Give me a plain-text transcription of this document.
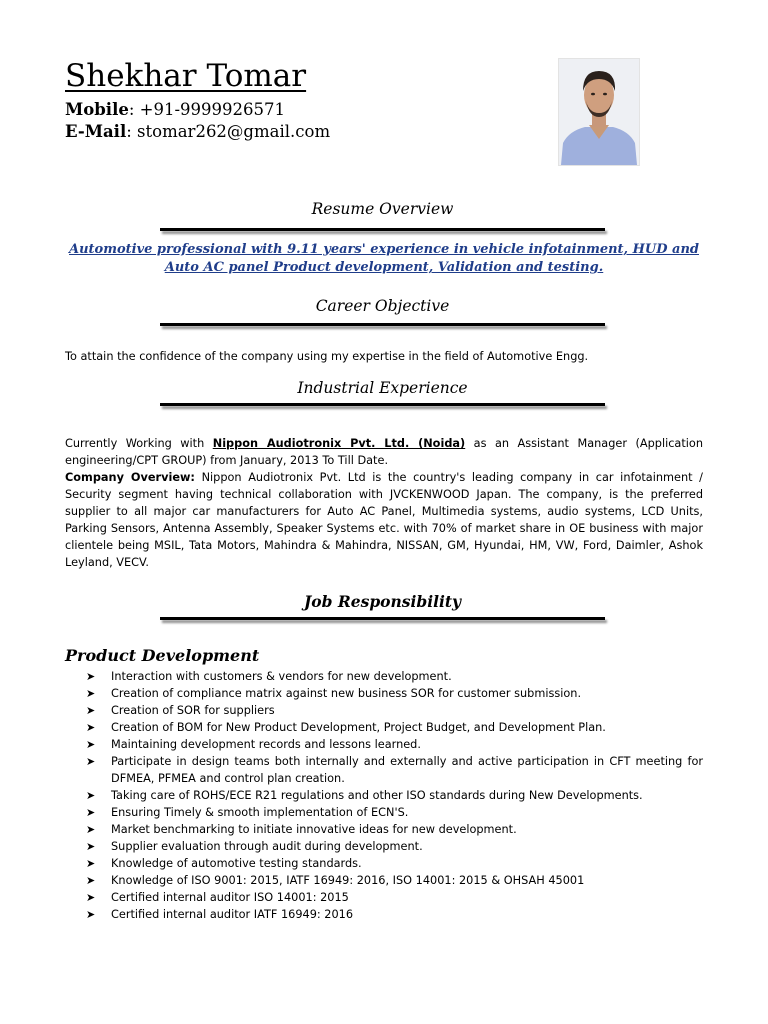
Shekhar Tomar
Mobile: +91-9999926571
E-Mail: stomar262@gmail.com
Resume Overview
Automotive professional with 9.11 years' experience in vehicle infotainment, HUD and Auto AC panel Product development, Validation and testing.
Career Objective
To attain the confidence of the company using my expertise in the field of Automotive Engg.
Industrial Experience
Currently Working with Nippon Audiotronix Pvt. Ltd. (Noida) as an Assistant Manager (Application engineering/CPT GROUP) from January, 2013 To Till Date.
Company Overview: Nippon Audiotronix Pvt. Ltd is the country's leading company in car infotainment / Security segment having technical collaboration with JVCKENWOOD Japan. The company, is the preferred supplier to all major car manufacturers for Auto AC Panel, Multimedia systems, audio systems, LCD Units, Parking Sensors, Antenna Assembly, Speaker Systems etc. with 70% of market share in OE business with major clientele being MSIL, Tata Motors, Mahindra & Mahindra, NISSAN, GM, Hyundai, HM, VW, Ford, Daimler, Ashok Leyland, VECV.
Job Responsibility
Product Development
➤ Interaction with customers & vendors for new development.
➤ Creation of compliance matrix against new business SOR for customer submission.
➤ Creation of SOR for suppliers
➤ Creation of BOM for New Product Development, Project Budget, and Development Plan.
➤ Maintaining development records and lessons learned.
➤ Participate in design teams both internally and externally and active participation in CFT meeting for DFMEA, PFMEA and control plan creation.
➤ Taking care of ROHS/ECE R21 regulations and other ISO standards during New Developments.
➤ Ensuring Timely & smooth implementation of ECN'S.
➤ Market benchmarking to initiate innovative ideas for new development.
➤ Supplier evaluation through audit during development.
➤ Knowledge of automotive testing standards.
➤ Knowledge of ISO 9001: 2015, IATF 16949: 2016, ISO 14001: 2015 & OHSAH 45001
➤ Certified internal auditor ISO 14001: 2015
➤ Certified internal auditor IATF 16949: 2016
